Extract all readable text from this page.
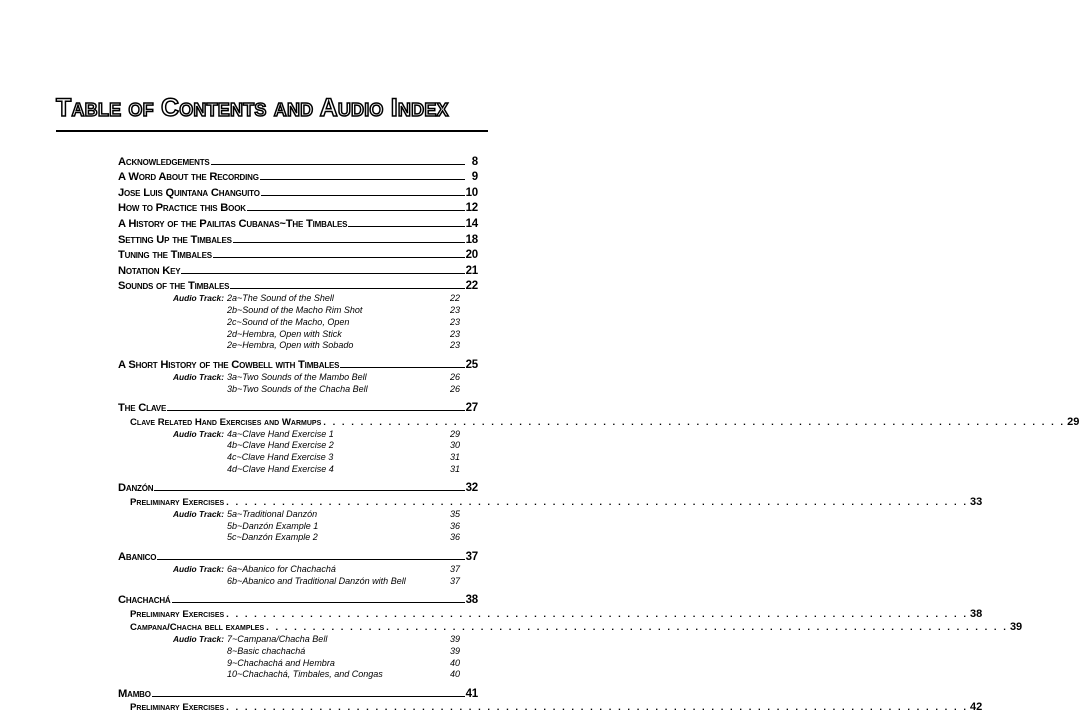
Table of Contents and Audio Index
Acknowledgements	8
A Word About the Recording	9
Jose Luis Quintana Changuito	10
How to Practice this Book	12
A History of the Pailitas Cubanas~The Timbales	14
Setting Up the Timbales	18
Tuning the Timbales	20
Notation Key	21
Sounds of the Timbales	22
Audio Track: 2a~The Sound of the Shell	22
2b~Sound of the Macho Rim Shot	23
2c~Sound of the Macho, Open	23
2d~Hembra, Open with Stick	23
2e~Hembra, Open with Sobado	23
A Short History of the Cowbell with Timbales	25
Audio Track: 3a~Two Sounds of the Mambo Bell	26
3b~Two Sounds of the Chacha Bell	26
The Clave	27
Clave Related Hand Exercises and Warmups . . . . . . . . . . . . . . . . . . . . . . . . . . . . . . . . . . . . . . . . . . . . . . . . . . . . . . . . . . . . . . . . . . . . . . . . . . . . . . . . 29
Audio Track: 4a~Clave Hand Exercise 1	29
4b~Clave Hand Exercise 2	30
4c~Clave Hand Exercise 3	31
4d~Clave Hand Exercise 4	31
Danzón	32
Preliminary Exercises . . . . . . . . . . . . . . . . . . . . . . . . . . . . . . . . . . . . . . . . . . . . . . . . . . . . . . . . . . . . . . . . . . . . . . . . . . . . . . . . 33
Audio Track: 5a~Traditional Danzón	35
5b~Danzón Example 1	36
5c~Danzón Example 2	36
Abanico	37
Audio Track: 6a~Abanico for Chachachá	37
6b~Abanico and Traditional Danzón with Bell	37
Chachachá	38
Preliminary Exercises . . . . . . . . . . . . . . . . . . . . . . . . . . . . . . . . . . . . . . . . . . . . . . . . . . . . . . . . . . . . . . . . . . . . . . . . . . . . . . . . 38
Campana/Chacha bell examples . . . . . . . . . . . . . . . . . . . . . . . . . . . . . . . . . . . . . . . . . . . . . . . . . . . . . . . . . . . . . . . . . . . . . . . . . . . . . . . . 39
Audio Track: 7~Campana/Chacha Bell	39
8~Basic chachachá	39
9~Chachachá and Hembra	40
10~Chachachá, Timbales, and Congas	40
Mambo	41
Preliminary Exercises . . . . . . . . . . . . . . . . . . . . . . . . . . . . . . . . . . . . . . . . . . . . . . . . . . . . . . . . . . . . . . . . . . . . . . . . . . . . . . . . 42
